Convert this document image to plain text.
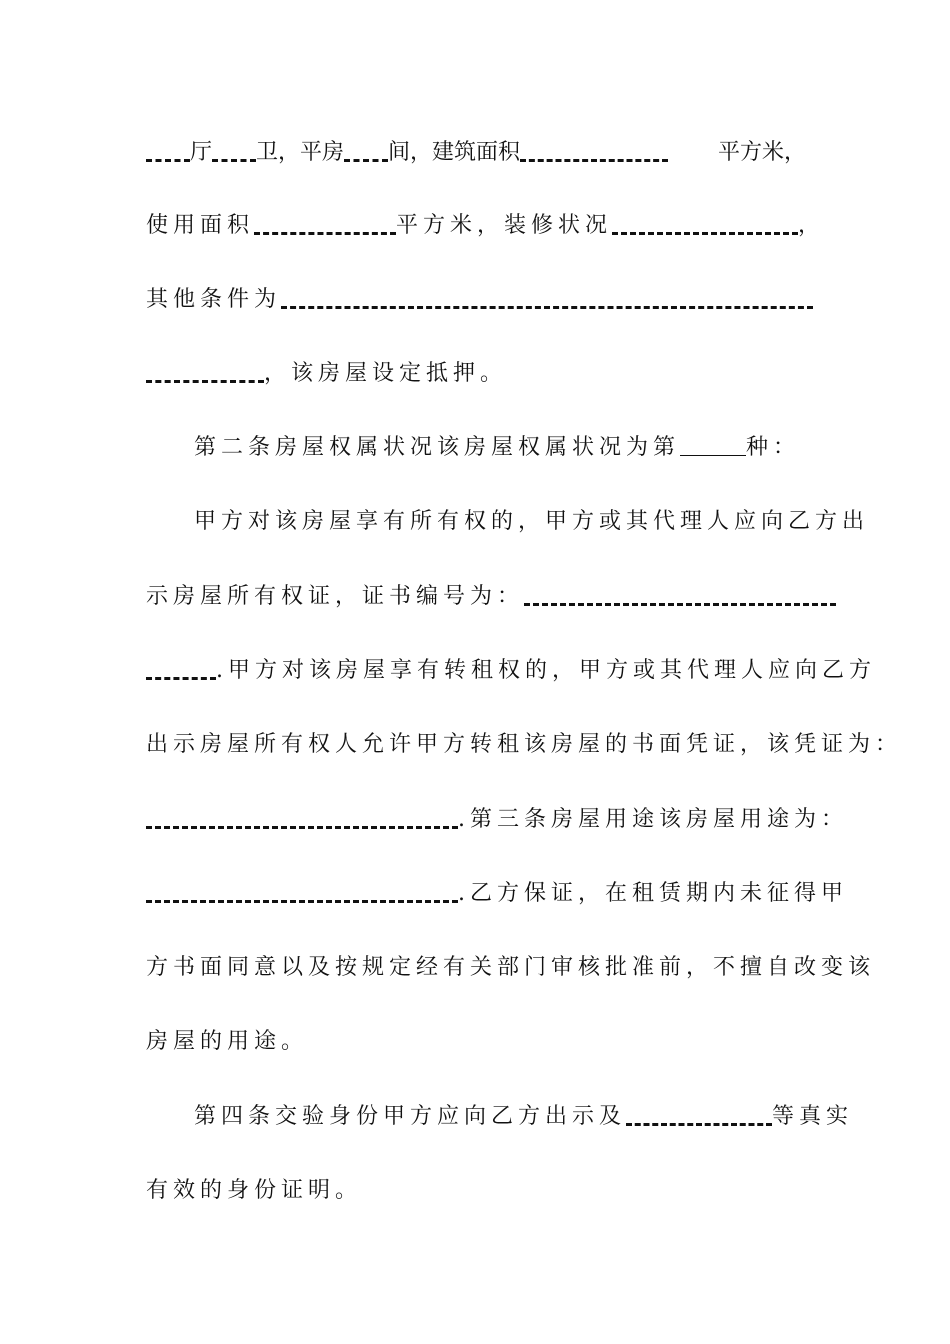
厅 卫，平房 间，建筑面积	平方米，
使用面积	平方米，装修状况	，
其他条件为
，该房屋设定抵押。
第二条房屋权属状况该房屋权属状况为第	种：
甲方对该房屋享有所有权的，甲方或其代理人应向乙方出
示房屋所有权证，证书编号为：
.甲方对该房屋享有转租权的，甲方或其代理人应向乙方
出示房屋所有权人允许甲方转租该房屋的书面凭证，该凭证为：
.第三条房屋用途该房屋用途为：
.乙方保证，在租赁期内未征得甲
方书面同意以及按规定经有关部门审核批准前，不擅自改变该
房屋的用途。
第四条交验身份甲方应向乙方出示及	等真实
有效的身份证明。
